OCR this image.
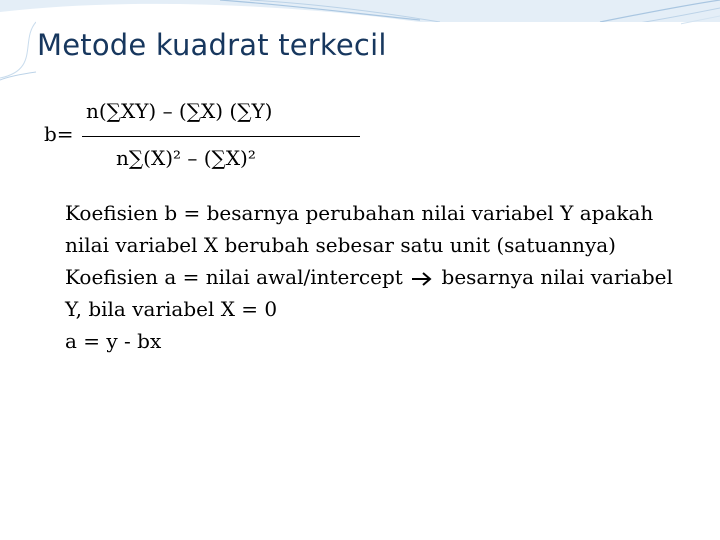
Metode kuadrat terkecil
b=
n(∑XY) – (∑X) (∑Y)
n∑(X)² – (∑X)²

Koefisien b = besarnya perubahan nilai variabel Y apakah nilai variabel X berubah sebesar satu unit (satuannya)

Koefisien a = nilai awal/intercept besarnya nilai variabel Y, bila variabel X = 0

a = y - bx
